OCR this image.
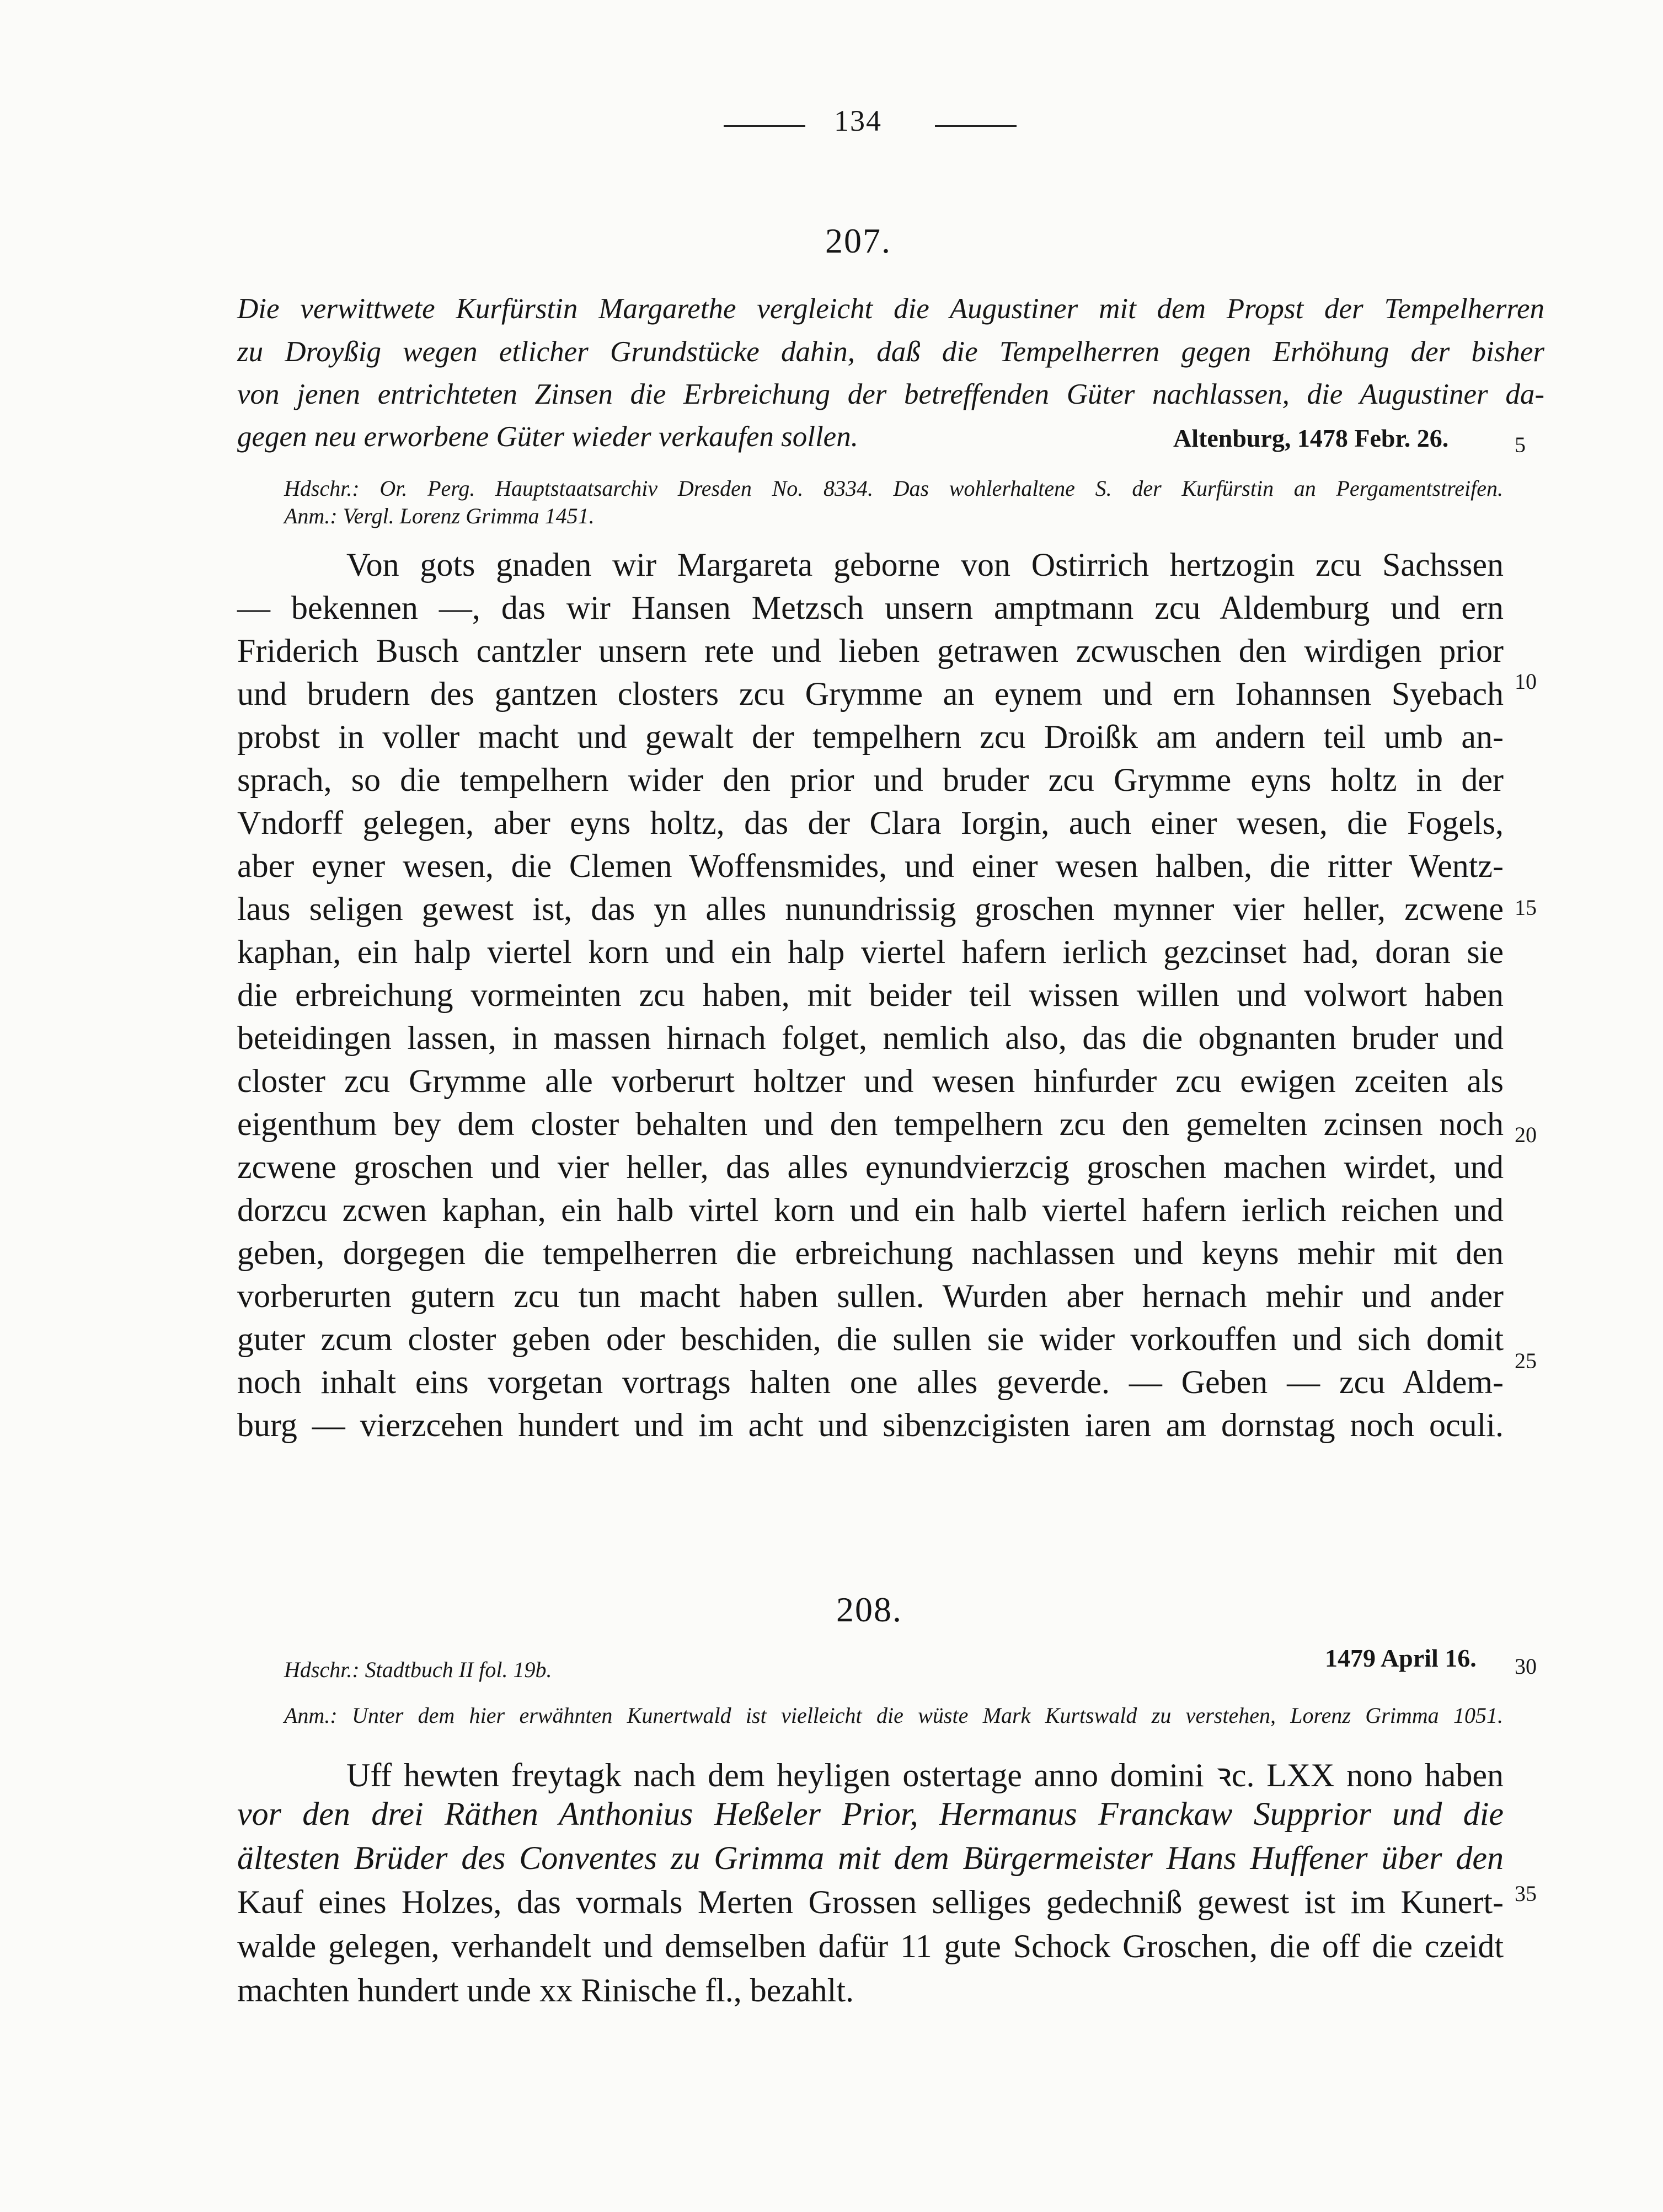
134
207.
Die verwittwete Kurfürstin Margarethe vergleicht die Augustiner mit dem Propst der Tempelherren
zu Droyßig wegen etlicher Grundstücke dahin, daß die Tempelherren gegen Erhöhung der bisher
von jenen entrichteten Zinsen die Erbreichung der betreffenden Güter nachlassen, die Augustiner da-
gegen neu erworbene Güter wieder verkaufen sollen.	Altenburg, 1478 Febr. 26.	5
Hdschr.: Or. Perg. Hauptstaatsarchiv Dresden No. 8334. Das wohlerhaltene S. der Kurfürstin an Pergamentstreifen.
Anm.: Vergl. Lorenz Grimma 1451.
Von gots gnaden wir Margareta geborne von Ostirrich hertzogin zcu Sachssen
— bekennen —, das wir Hansen Metzsch unsern amptmann zcu Aldemburg und ern
Friderich Busch cantzler unsern rete und lieben getrawen zcwuschen den wirdigen prior
und brudern des gantzen closters zcu Grymme an eynem und ern Iohannsen Syebach
probst in voller macht und gewalt der tempelhern zcu Droißk am andern teil umb an-
sprach, so die tempelhern wider den prior und bruder zcu Grymme eyns holtz in der
Vndorff gelegen, aber eyns holtz, das der Clara Iorgin, auch einer wesen, die Fogels,
aber eyner wesen, die Clemen Woffensmides, und einer wesen halben, die ritter Wentz-
laus seligen gewest ist, das yn alles nunundrissig groschen mynner vier heller, zcwene
kaphan, ein halp viertel korn und ein halp viertel hafern ierlich gezcinset had, doran sie
die erbreichung vormeinten zcu haben, mit beider teil wissen willen und volwort haben
beteidingen lassen, in massen hirnach folget, nemlich also, das die obgnanten bruder und
closter zcu Grymme alle vorberurt holtzer und wesen hinfurder zcu ewigen zceiten als
eigenthum bey dem closter behalten und den tempelhern zcu den gemelten zcinsen noch
zcwene groschen und vier heller, das alles eynundvierzcig groschen machen wirdet, und
dorzcu zcwen kaphan, ein halb virtel korn und ein halb viertel hafern ierlich reichen und
geben, dorgegen die tempelherren die erbreichung nachlassen und keyns mehir mit den
vorberurten gutern zcu tun macht haben sullen. Wurden aber hernach mehir und ander
guter zcum closter geben oder beschiden, die sullen sie wider vorkouffen und sich domit
noch inhalt eins vorgetan vortrags halten one alles geverde. — Geben — zcu Aldem-
burg — vierzcehen hundert und im acht und sibenzcigisten iaren am dornstag noch oculi.
10
15
20
25
208.
1479 April 16. 30
Hdschr.: Stadtbuch II fol. 19b.
Anm.: Unter dem hier erwähnten Kunertwald ist vielleicht die wüste Mark Kurtswald zu verstehen, Lorenz Grimma 1051.
Uff hewten freytagk nach dem heyligen ostertage anno domini ꝛc. LXX nono haben
vor den drei Räthen Anthonius Heßeler Prior, Hermanus Franckaw Supprior und die
ältesten Brüder des Conventes zu Grimma mit dem Bürgermeister Hans Huffener über den
Kauf eines Holzes, das vormals Merten Grossen selliges gedechniß gewest ist im Kunert-
walde gelegen, verhandelt und demselben dafür 11 gute Schock Groschen, die off die czeidt
machten hundert unde xx Rinische fl., bezahlt.
35
